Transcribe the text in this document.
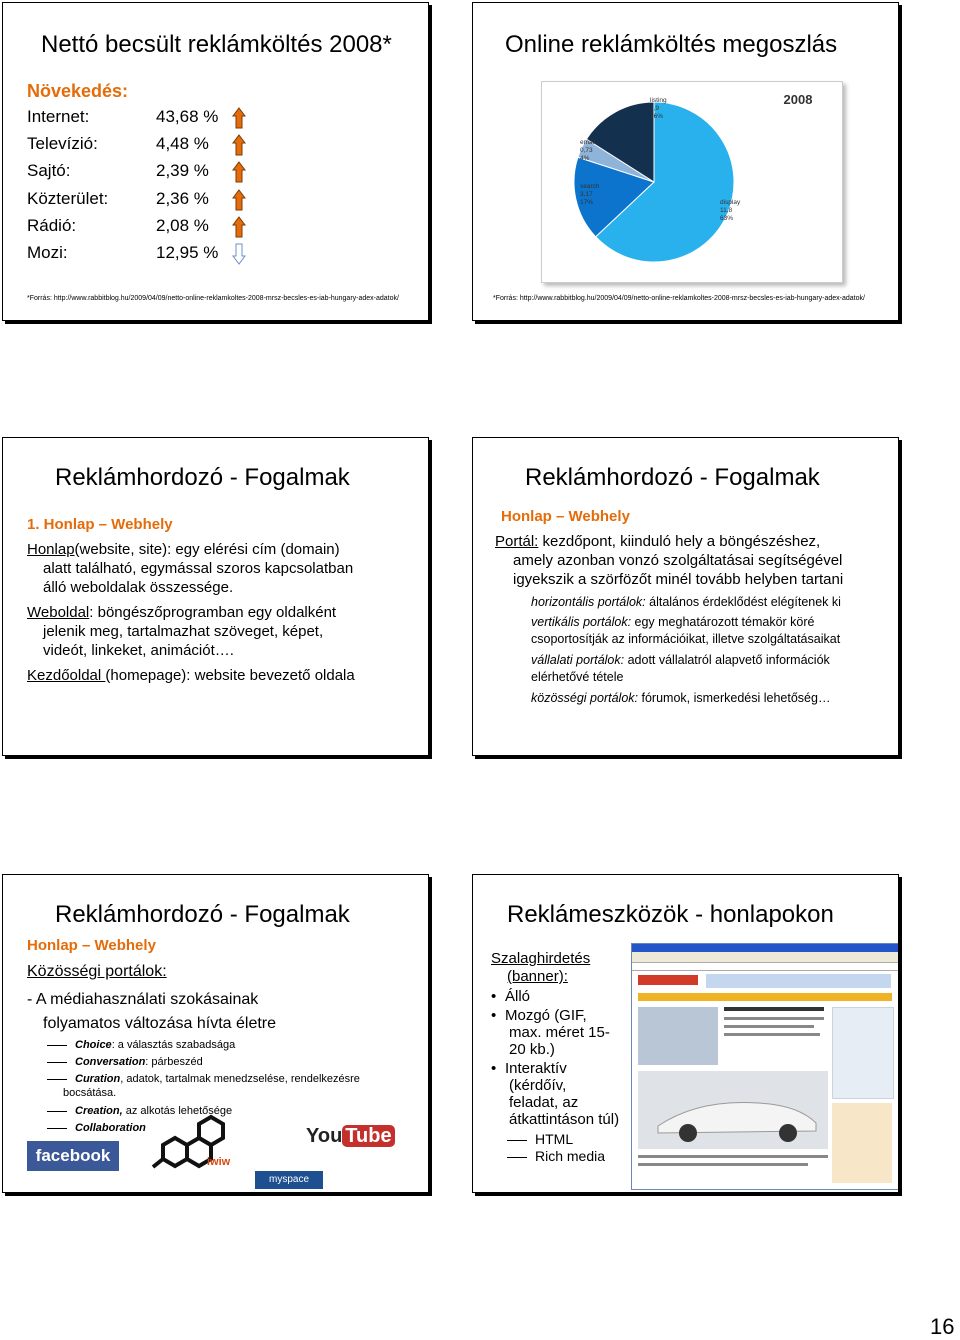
Nettó becsült reklámköltés 2008*
Növekedés:
*Forrás: http://www.rabbitblog.hu/2009/04/09/netto-online-reklamkoltes-2008-mrsz-becsles-es-iab-hungary-adex-adatok/
Internet:	43,68 %
Televízió:	4,48 %
Sajtó:	2,39 %
Közterület:	2,36 %
Rádió:	2,08 %
Mozi:	12,95 %
Online reklámköltés megoszlás
display 11,8 63%
search 3,17 17%
email 0,73 4%
listing 2,9 16%
2008
*Forrás: http://www.rabbitblog.hu/2009/04/09/netto-online-reklamkoltes-2008-mrsz-becsles-es-iab-hungary-adex-adatok/
Reklámhordozó - Fogalmak
1. Honlap – Webhely
Honlap(website, site): egy elérési cím (domain)
alatt található, egymással szoros kapcsolatban
álló weboldalak összessége.
Weboldal: böngészőprogramban egy oldalként
jelenik meg, tartalmazhat szöveget, képet,
videót, linkeket, animációt….
Kezdőoldal (homepage): website bevezető oldala
Reklámhordozó - Fogalmak
Honlap – Webhely
Portál: kezdőpont, kiinduló hely a böngészéshez,
amely azonban vonzó szolgáltatásai segítségével
igyekszik a szörfözőt minél tovább helyben tartani
horizontális portálok: általános érdeklődést elégítenek ki
vertikális portálok: egy meghatározott témakör köré
csoportosítják az információikat, illetve szolgáltatásaikat
vállalati portálok: adott vállalatról alapvető információk
elérhetővé tétele
közösségi portálok: fórumok, ismerkedési lehetőség…
Reklámhordozó - Fogalmak
Honlap – Webhely
Közösségi portálok:
- A médiahasználati szokásainak
folyamatos változása hívta életre
bocsátása.
facebook	iwiw
You Tube
myspace
Choice: a választás szabadsága
Conversation: párbeszéd
Curation, adatok, tartalmak menedzselése, rendelkezésre
Creation, az alkotás lehetősége
Collaboration
Reklámeszközök - honlapokon
Szalaghirdetés
(banner):
• Álló
• Mozgó (GIF,
max. méret 15-
20 kb.)
• Interaktív
(kérdőív,
feladat, az
átkattintáson túl)
HTML
Rich media
16
